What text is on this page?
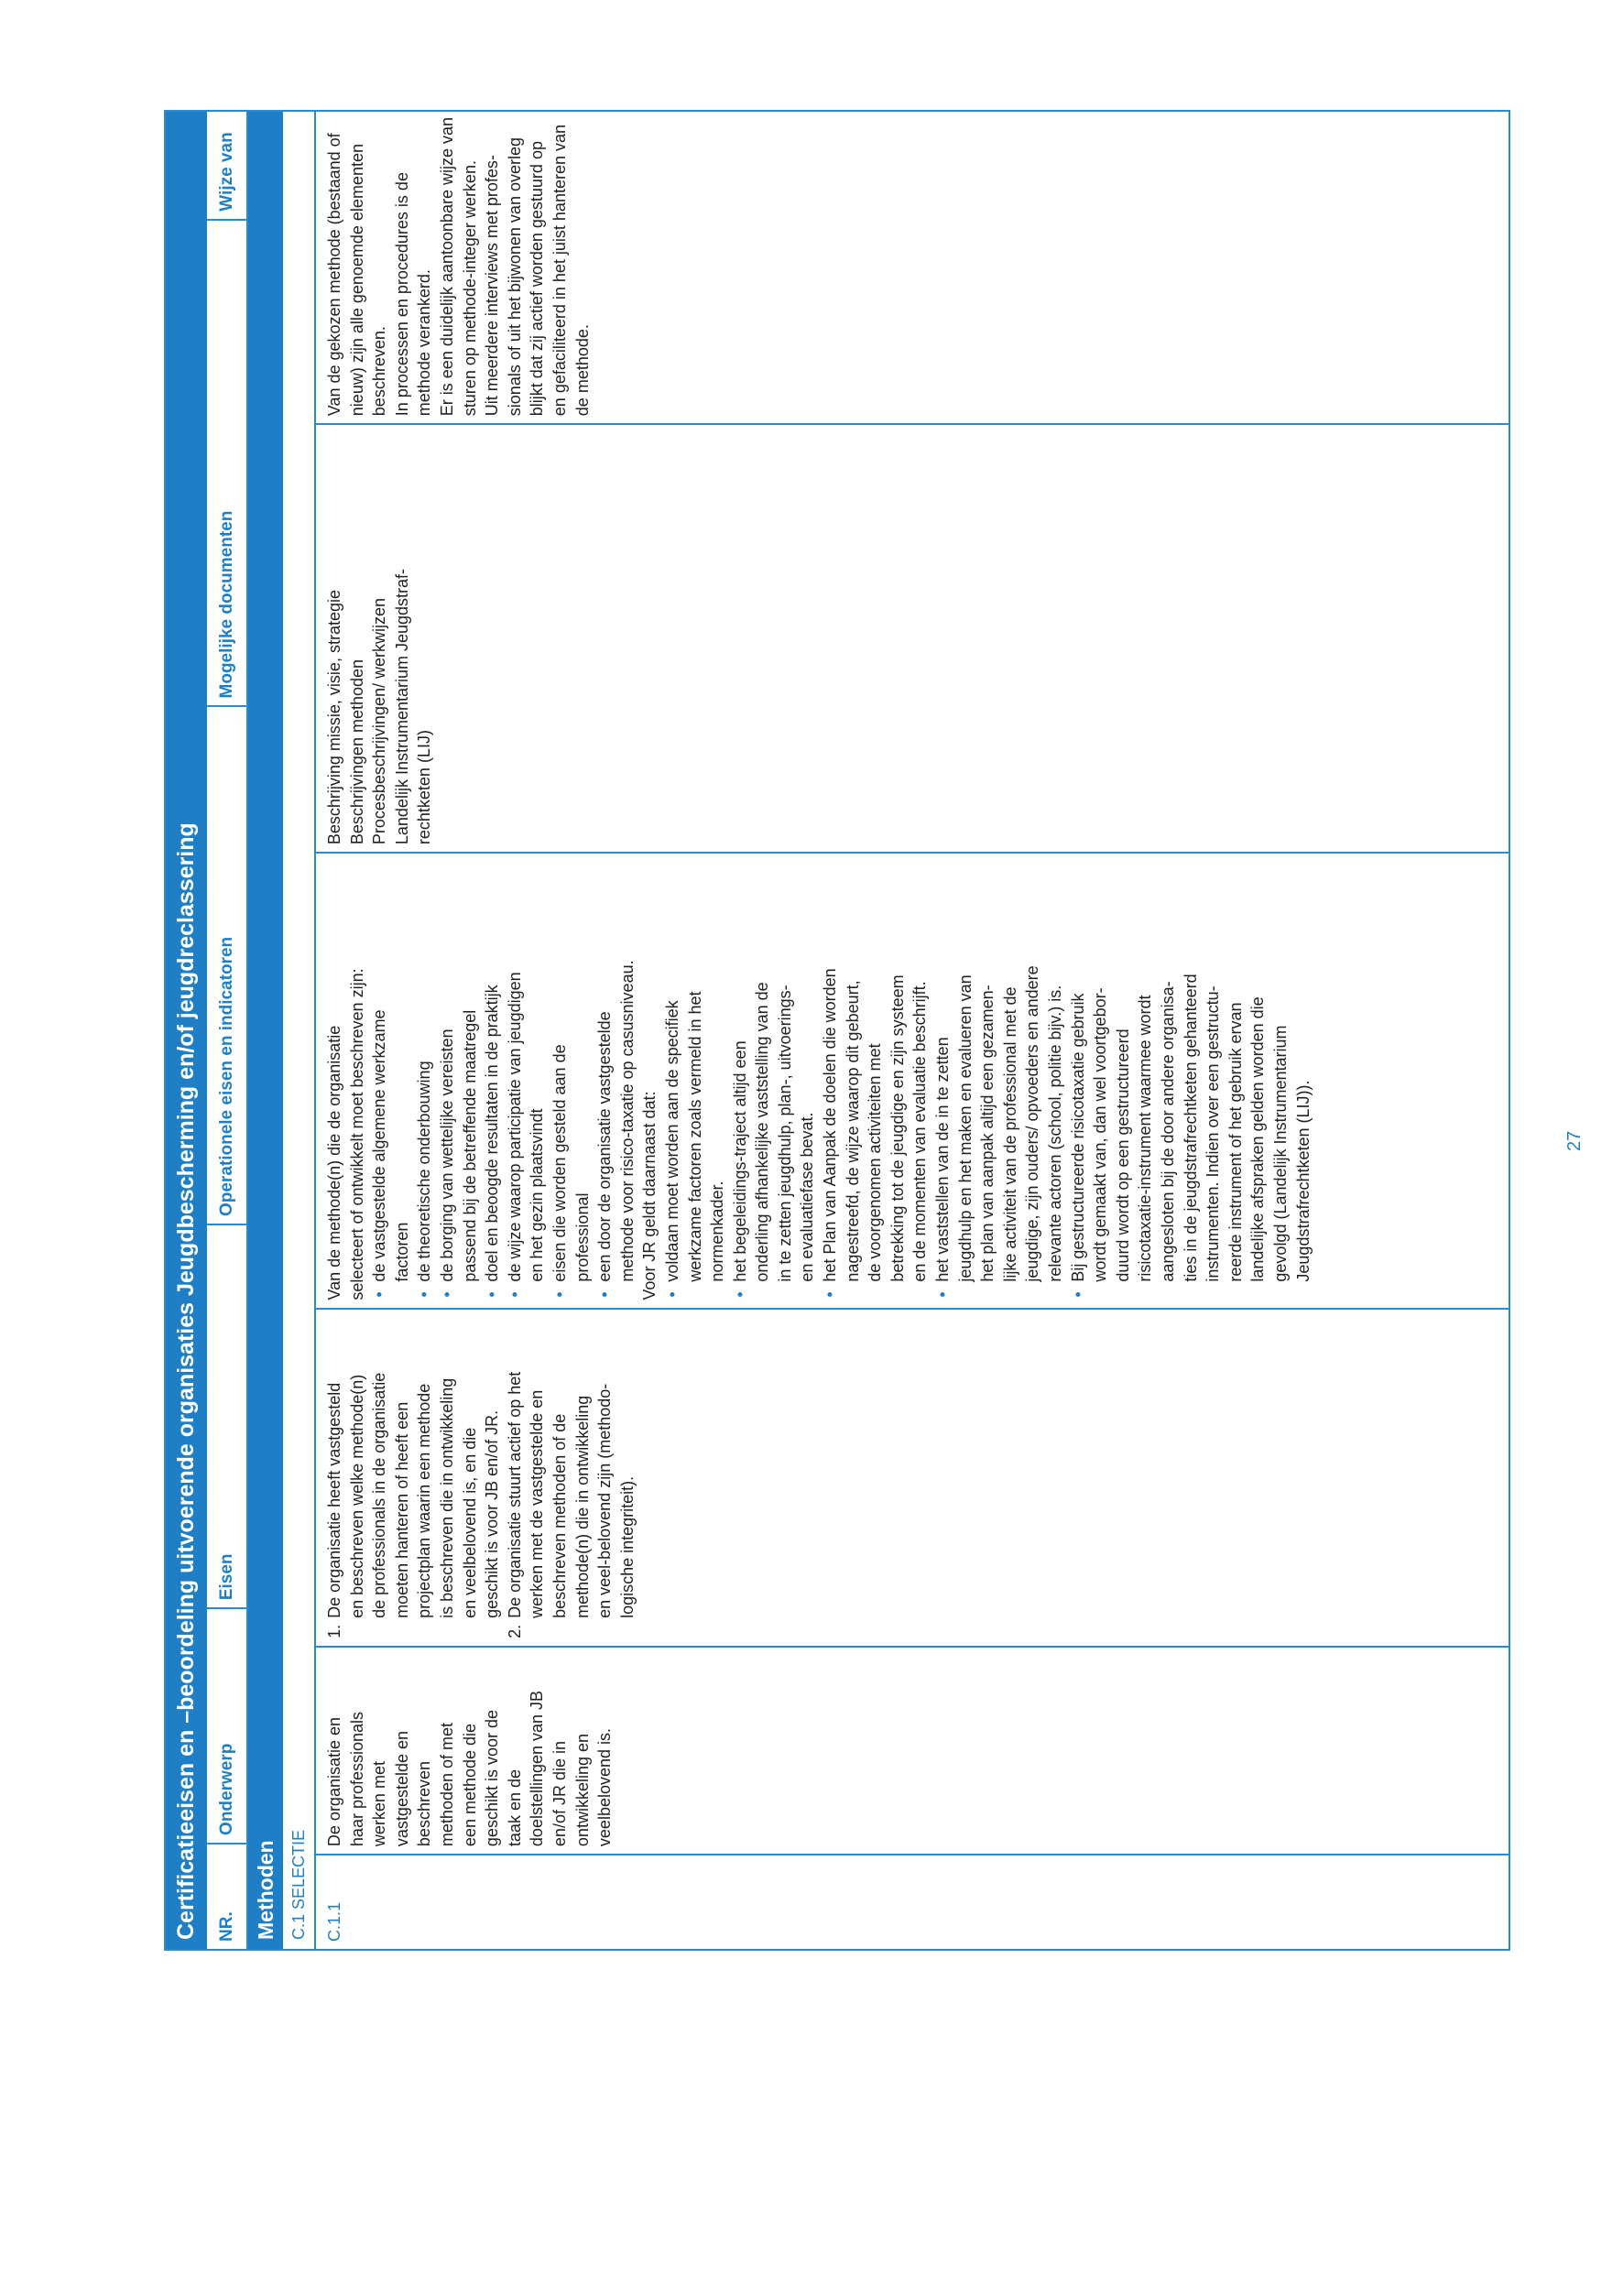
Certificatieeisen en –beoordeling uitvoerende organisaties Jeugdbescherming en/of jeugdreclassering	NR.
Onderwerp
Eisen
Operationele eisen en indicatoren
Mogelijke documenten
Wijze van beoordeling
Methoden C.1 SELECTIE	C.1.1
De organisatie en haar professionals werken met vastgestelde en beschreven methoden of met een methode die geschikt is voor de taak en de doelstellingen van JB en/of JR die in ontwikkeling en veelbelovend is.
1.
De organisatie heeft vastgesteld en beschreven welke methode(n) de professionals in de organisatie moeten hanteren of heeft een projectplan waarin een methode is beschreven die in ontwikkeling en veelbelovend is, en die geschikt is voor JB en/of JR.
2.
De organisatie stuurt actief op het werken met de vastgestelde en beschreven methoden of de methode(n) die in ontwikkeling en veel-belovend zijn (methodo- logische integriteit).
Van de methode(n) die de organisatie selecteert of ontwikkelt moet beschreven zijn: • de vastgestelde algemene werkzame factoren • de theoretische onderbouwing • de borging van wettelijke vereisten passend bij de betreffende maatregel • doel en beoogde resultaten in de praktijk • de wijze waarop participatie van jeugdigen en het gezin plaatsvindt • eisen die worden gesteld aan de professional • een door de organisatie vastgestelde methode voor risico-taxatie op casusniveau. Voor JR geldt daarnaast dat: • voldaan moet worden aan de specifiek werkzame factoren zoals vermeld in het normenkader. • het begeleidings-traject altijd een onderling afhankelijke vaststelling van de in te zetten jeugdhulp, plan-, uitvoerings- en evaluatiefase bevat. • het Plan van Aanpak de doelen die worden nagestreefd, de wijze waarop dit gebeurt, de voorgenomen activiteiten met betrekking tot de jeugdige en zijn systeem en de momenten van evaluatie beschrijft. • het vaststellen van de in te zetten jeugdhulp en het maken en evalueren van het plan van aanpak altijd een gezamen- lijke activiteit van de professional met de jeugdige, zijn ouders/ opvoeders en andere relevante actoren (school, politie bijv.) is. • Bij gestructureerde risicotaxatie gebruik wordt gemaakt van, dan wel voortgebor- duurd wordt op een gestructureerd risicotaxatie-instrument waarmee wordt aangesloten bij de door andere organisa- ties in de jeugdstrafrechtketen gehanteerd instrumenten. Indien over een gestructu- reerde instrument of het gebruik ervan landelijke afspraken gelden worden die gevolgd (Landelijk Instrumentarium Jeugdstrafrechtketen (LIJ)).
Beschrijving missie, visie, strategie Beschrijvingen methoden Procesbeschrijvingen/ werkwijzen Landelijk Instrumentarium Jeugdstraf- rechtketen (LIJ)
Van de gekozen methode (bestaand of nieuw) zijn alle genoemde elementen beschreven. In processen en procedures is de methode verankerd. Er is een duidelijk aantoonbare wijze van sturen op methode-integer werken. Uit meerdere interviews met profes- sionals of uit het bijwonen van overleg blijkt dat zij actief worden gestuurd op en gefaciliteerd in het juist hanteren van de methode.
27
